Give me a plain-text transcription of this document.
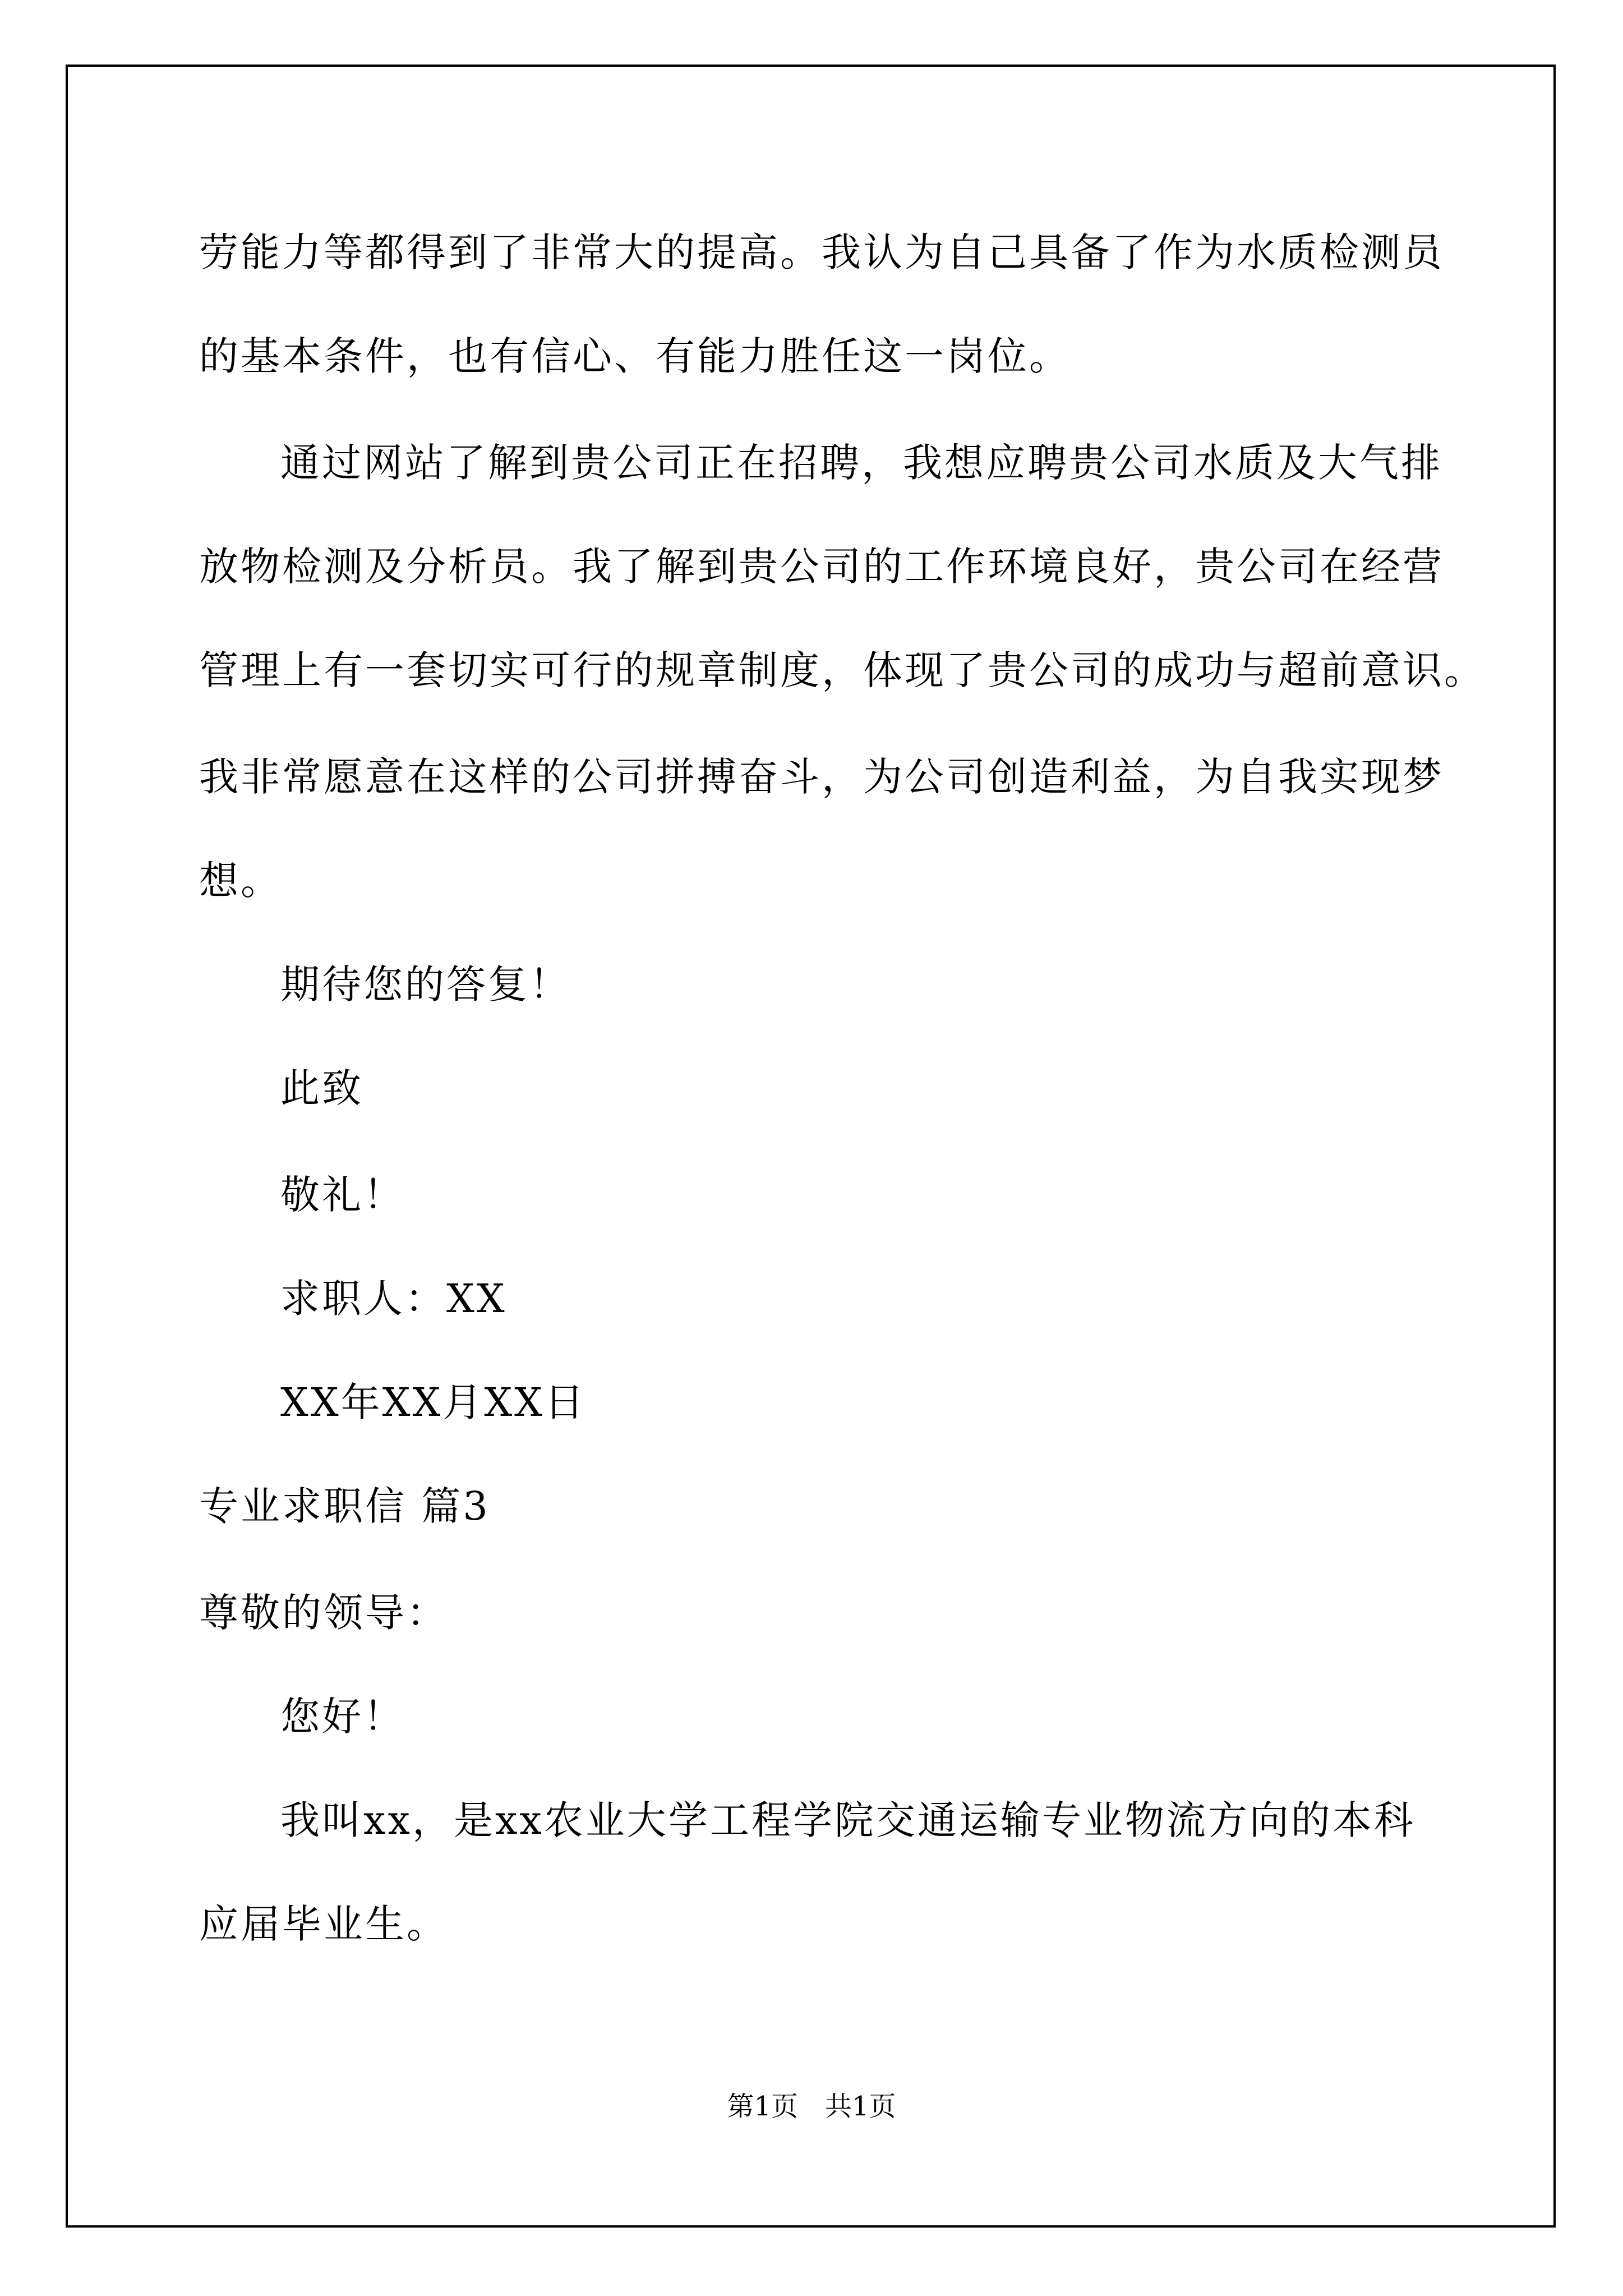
劳能力等都得到了非常大的提高。我认为自己具备了作为水质检测员
的基本条件，也有信心、有能力胜任这一岗位。
通过网站了解到贵公司正在招聘，我想应聘贵公司水质及大气排
放物检测及分析员。我了解到贵公司的工作环境良好，贵公司在经营
管理上有一套切实可行的规章制度，体现了贵公司的成功与超前意识。
我非常愿意在这样的公司拼搏奋斗，为公司创造利益，为自我实现梦
想。
期待您的答复！
此致
敬礼！
求职人：XX
XX年XX月XX日
专业求职信 篇3
尊敬的领导：
您好！
我叫xx，是xx农业大学工程学院交通运输专业物流方向的本科
应届毕业生。
第1页　共1页
